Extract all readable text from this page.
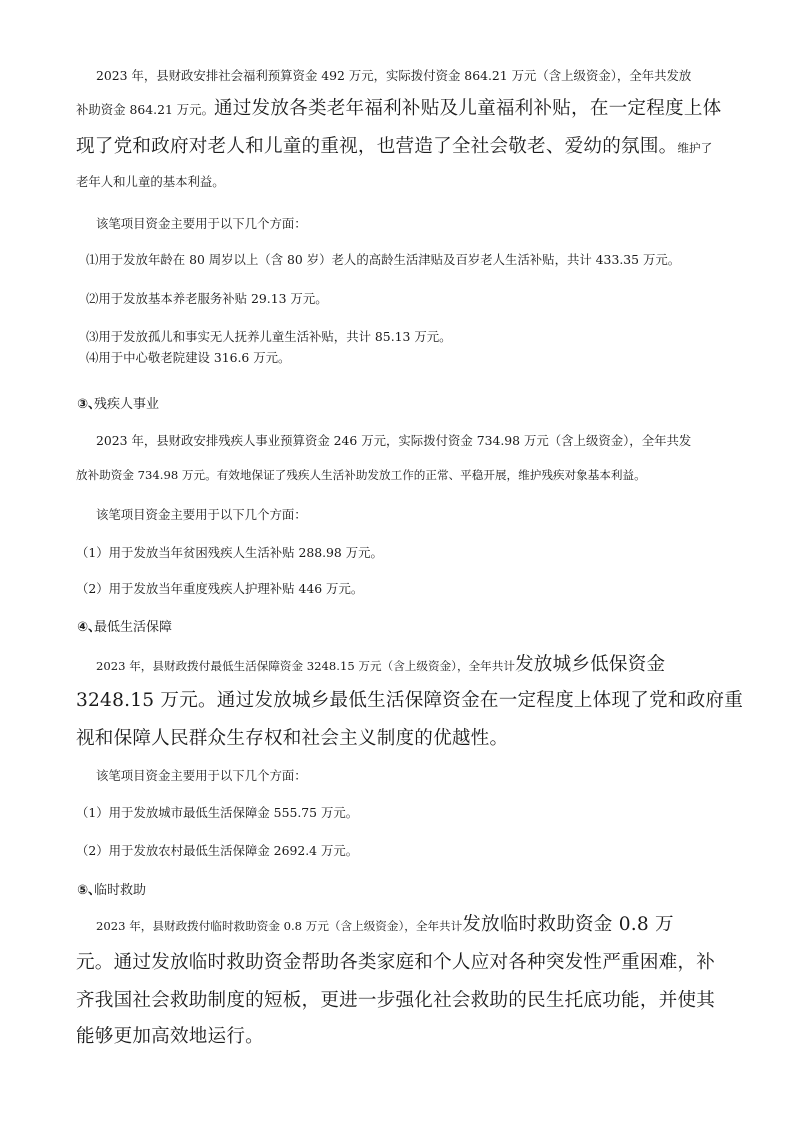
2023 年，县财政安排社会福利预算资金 492 万元，实际拨付资金 864.21 万元（含上级资金），全年共发放

补助资金 864.21 万元。通过发放各类老年福利补贴及儿童福利补贴，在一定程度上体

现了党和政府对老人和儿童的重视，也营造了全社会敬老、爱幼的氛围。维护了

老年人和儿童的基本利益。

该笔项目资金主要用于以下几个方面：

⑴用于发放年龄在 80 周岁以上（含 80 岁）老人的高龄生活津贴及百岁老人生活补贴，共计 433.35 万元。

⑵用于发放基本养老服务补贴 29.13 万元。

⑶用于发放孤儿和事实无人抚养儿童生活补贴，共计 85.13 万元。

⑷用于中心敬老院建设 316.6 万元。

③、残疾人事业

2023 年，县财政安排残疾人事业预算资金 246 万元，实际拨付资金 734.98 万元（含上级资金），全年共发

放补助资金 734.98 万元。有效地保证了残疾人生活补助发放工作的正常、平稳开展，维护残疾对象基本利益。

该笔项目资金主要用于以下几个方面：

（1）用于发放当年贫困残疾人生活补贴 288.98 万元。

（2）用于发放当年重度残疾人护理补贴 446 万元。

④、最低生活保障

2023 年，县财政拨付最低生活保障资金 3248.15 万元（含上级资金），全年共计发放城乡低保资金

3248.15 万元。通过发放城乡最低生活保障资金在一定程度上体现了党和政府重

视和保障人民群众生存权和社会主义制度的优越性。

该笔项目资金主要用于以下几个方面：

（1）用于发放城市最低生活保障金 555.75 万元。

（2）用于发放农村最低生活保障金 2692.4 万元。

⑤、临时救助

2023 年，县财政拨付临时救助资金 0.8 万元（含上级资金），全年共计发放临时救助资金 0.8 万

元。通过发放临时救助资金帮助各类家庭和个人应对各种突发性严重困难，补

齐我国社会救助制度的短板，更进一步强化社会救助的民生托底功能，并使其

能够更加高效地运行。
